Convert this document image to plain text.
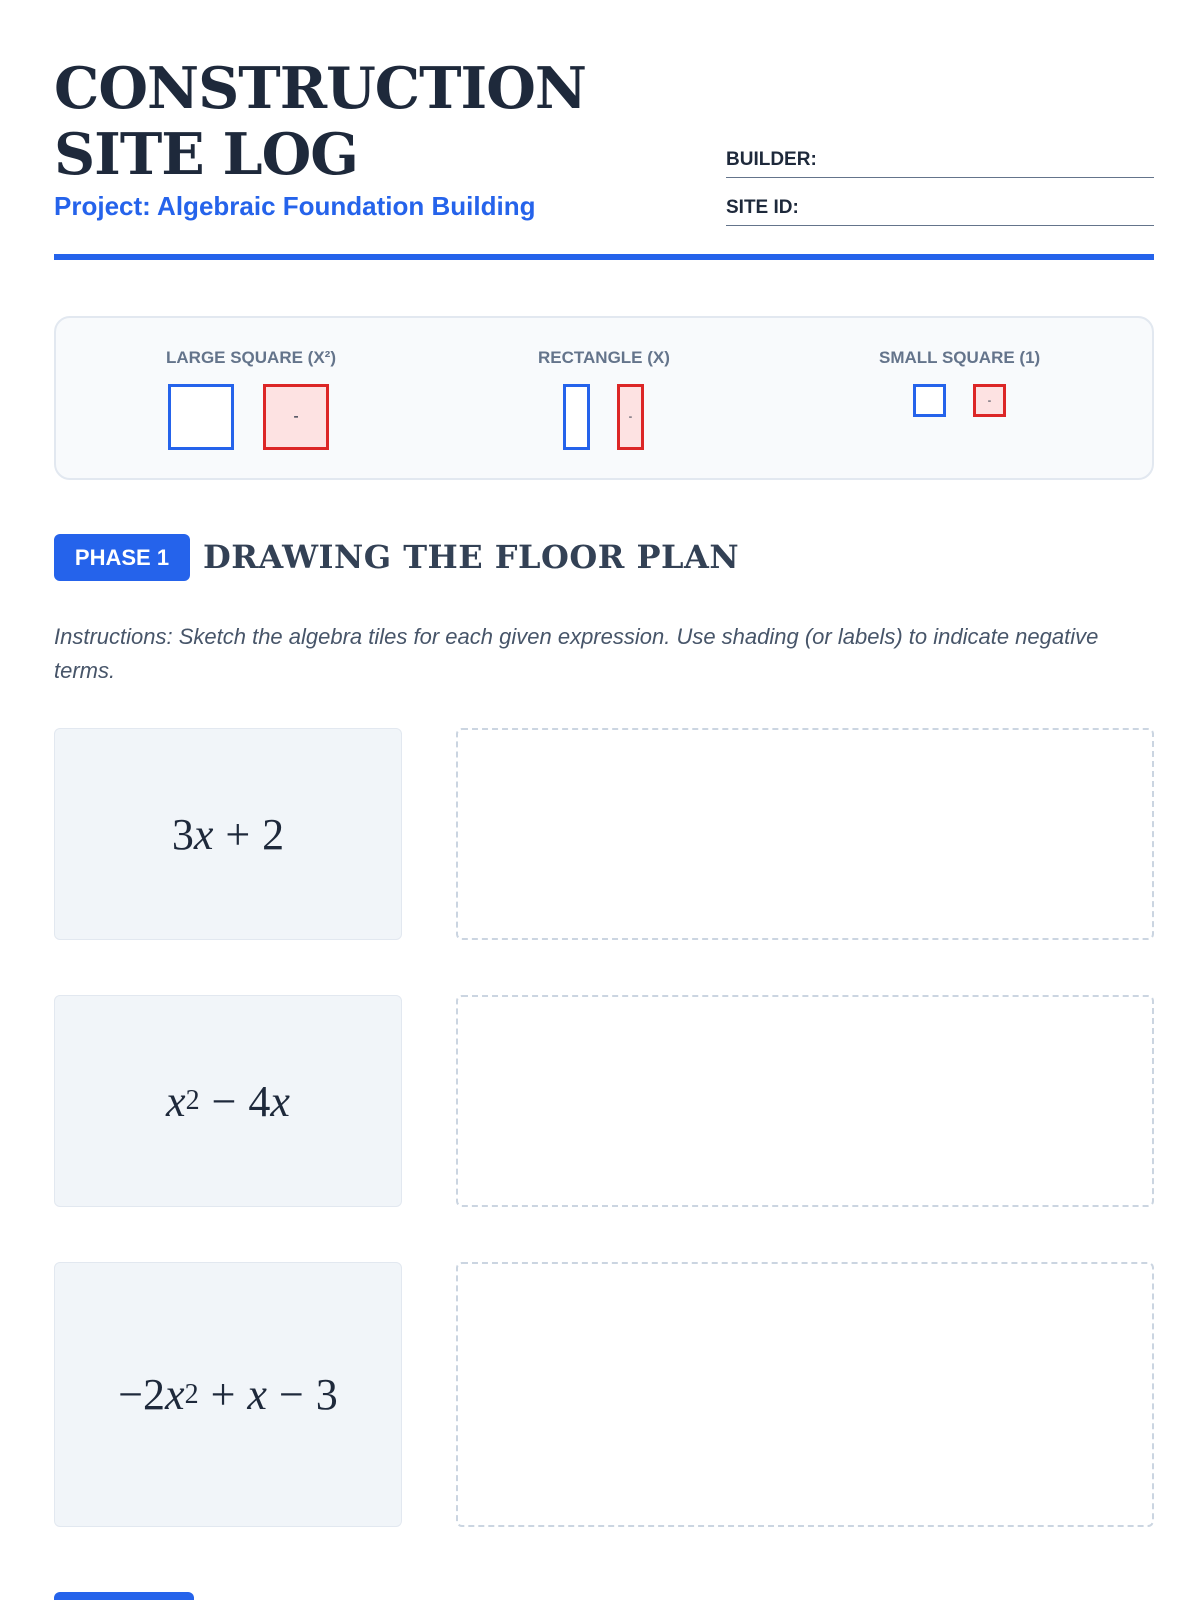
CONSTRUCTION SITE LOG
Project: Algebraic Foundation Building
BUILDER:
SITE ID:
LARGE SQUARE (X²)
-
RECTANGLE (X)
-
SMALL SQUARE (1)
-
PHASE 1	DRAWING THE FLOOR PLAN
Instructions: Sketch the algebra tiles for each given expression. Use shading (or labels) to indicate negative terms.
3 x + 2
x 2 − 4 x
− 2 x 2 + x − 3
